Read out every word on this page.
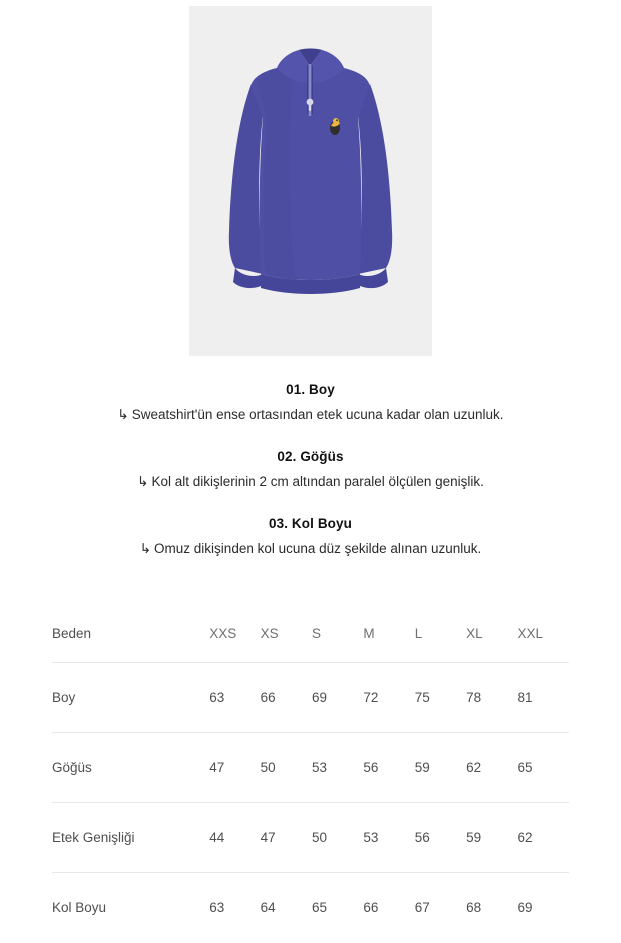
01. Boy

↳ Sweatshirt'ün ense ortasından etek ucuna kadar olan uzunluk.

02. Göğüs

↳ Kol alt dikişlerinin 2 cm altından paralel ölçülen genişlik.

03. Kol Boyu

↳ Omuz dikişinden kol ucuna düz şekilde alınan uzunluk.

Beden	XXS	XS	S	M	L	XL	XXL
Boy	63	66	69	72	75	78	81
Göğüs	47	50	53	56	59	62	65
Etek Genişliği	44	47	50	53	56	59	62
Kol Boyu	63	64	65	66	67	68	69
